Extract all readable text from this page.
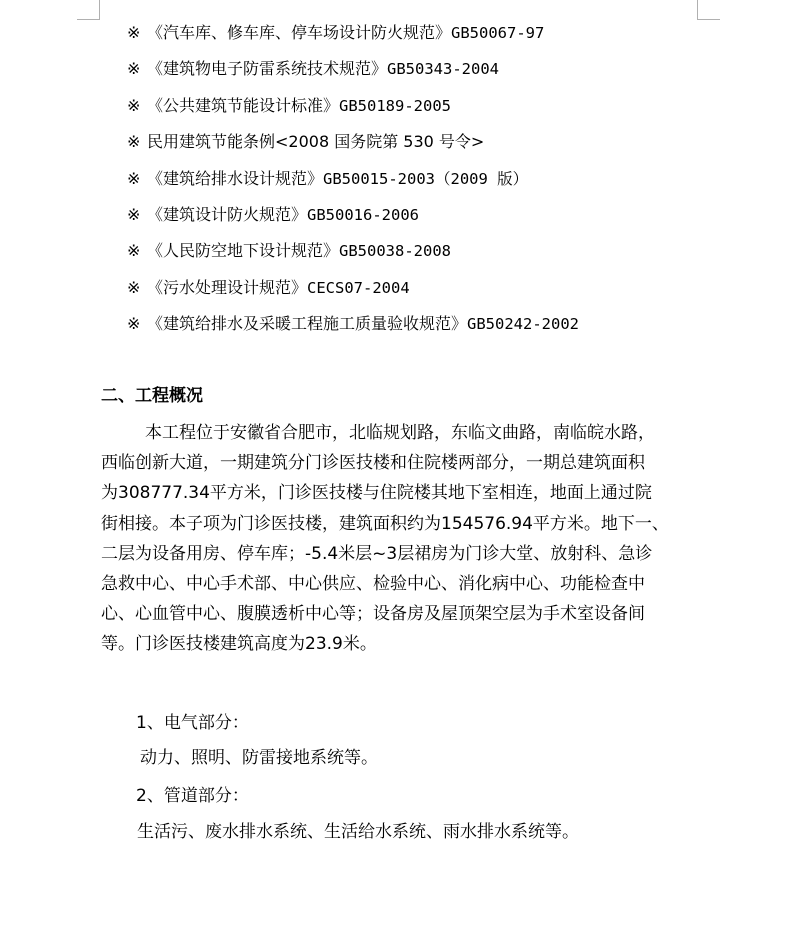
※ 《汽车库、修车库、停车场设计防火规范》 GB50067-97
※ 《建筑物电子防雷系统技术规范》 GB50343-2004
※ 《公共建筑节能设计标准》 GB50189-2005
※ 民用建筑节能条例<2008 国务院第 530 号令>
※ 《建筑给排水设计规范》 GB50015-2003（2009 版）
※ 《建筑设计防火规范》 GB50016-2006
※ 《人民防空地下设计规范》 GB50038-2008
※ 《污水处理设计规范》 CECS07-2004
※ 《建筑给排水及采暖工程施工质量验收规范》 GB50242-2002
二、工程概况

本工程位于安徽省合肥市，北临规划路，东临文曲路，南临皖水路，
西临创新大道，一期建筑分门诊医技楼和住院楼两部分，一期总建筑面积
为308777.34平方米，门诊医技楼与住院楼其地下室相连，地面上通过院
街相接。本子项为门诊医技楼，建筑面积约为154576.94平方米。地下一、
二层为设备用房、停车库；-5.4米层~3层裙房为门诊大堂、放射科、急诊
急救中心、中心手术部、中心供应、检验中心、消化病中心、功能检查中
心、心血管中心、腹膜透析中心等；设备房及屋顶架空层为手术室设备间
等。门诊医技楼建筑高度为23.9米。

1、电气部分：

动力、照明、防雷接地系统等。

2、管道部分：

生活污、废水排水系统、生活给水系统、雨水排水系统等。
